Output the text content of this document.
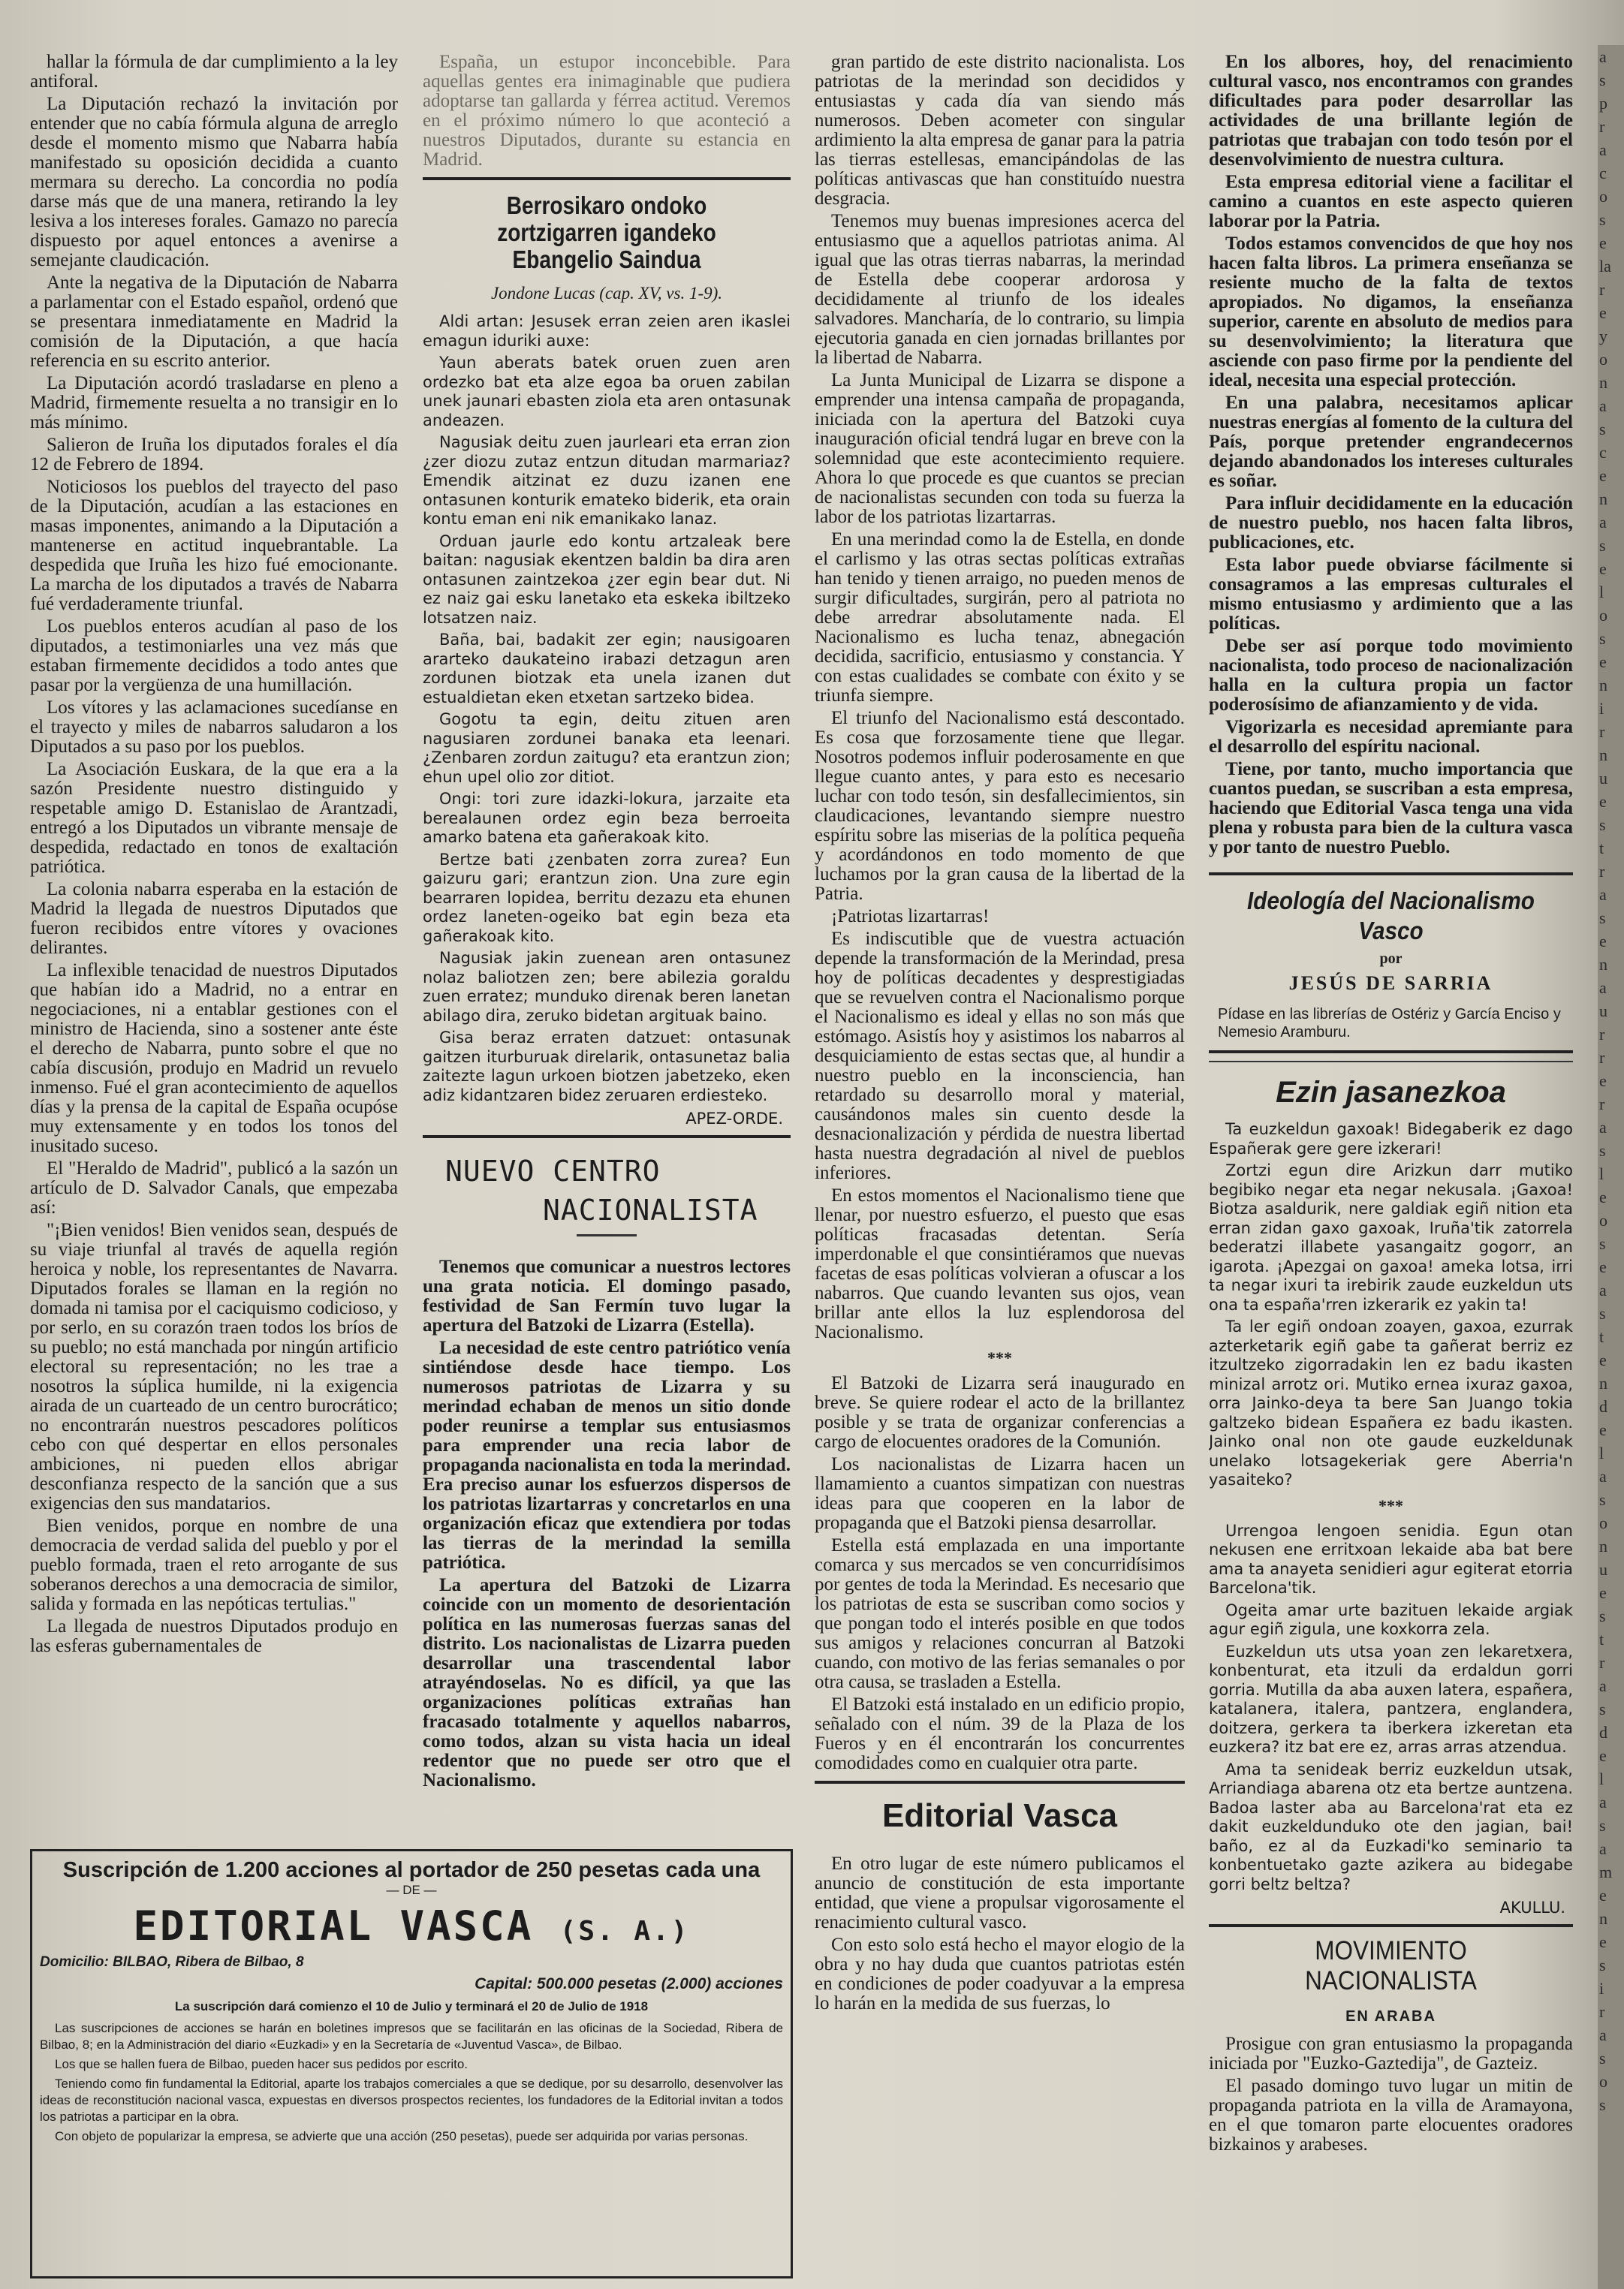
hallar la fórmula de dar cumplimiento a la ley antiforal.

La Diputación rechazó la invitación por entender que no cabía fórmula alguna de arreglo desde el momento mismo que Nabarra había manifestado su oposición decidida a cuanto mermara su derecho. La concordia no podía darse más que de una manera, retirando la ley lesiva a los intereses forales. Gamazo no parecía dispuesto por aquel entonces a avenirse a semejante claudicación.

Ante la negativa de la Diputación de Nabarra a parlamentar con el Estado español, ordenó que se presentara inmediatamente en Madrid la comisión de la Diputación, a que hacía referencia en su escrito anterior.

La Diputación acordó trasladarse en pleno a Madrid, firmemente resuelta a no transigir en lo más mínimo.

Salieron de Iruña los diputados forales el día 12 de Febrero de 1894.

Noticiosos los pueblos del trayecto del paso de la Diputación, acudían a las estaciones en masas imponentes, animando a la Diputación a mantenerse en actitud inquebrantable. La despedida que Iruña les hizo fué emocionante. La marcha de los diputados a través de Nabarra fué verdaderamente triunfal.

Los pueblos enteros acudían al paso de los diputados, a testimoniarles una vez más que estaban firmemente decididos a todo antes que pasar por la vergüenza de una humillación.

Los vítores y las aclamaciones sucedíanse en el trayecto y miles de nabarros saludaron a los Diputados a su paso por los pueblos.

La Asociación Euskara, de la que era a la sazón Presidente nuestro distinguido y respetable amigo D. Estanislao de Arantzadi, entregó a los Diputados un vibrante mensaje de despedida, redactado en tonos de exaltación patriótica.

La colonia nabarra esperaba en la estación de Madrid la llegada de nuestros Diputados que fueron recibidos entre vítores y ovaciones delirantes.

La inflexible tenacidad de nuestros Diputados que habían ido a Madrid, no a entrar en negociaciones, ni a entablar gestiones con el ministro de Hacienda, sino a sostener ante éste el derecho de Nabarra, punto sobre el que no cabía discusión, produjo en Madrid un revuelo inmenso. Fué el gran acontecimiento de aquellos días y la prensa de la capital de España ocupóse muy extensamente y en todos los tonos del inusitado suceso.

El "Heraldo de Madrid", publicó a la sazón un artículo de D. Salvador Canals, que empezaba así:

"¡Bien venidos! Bien venidos sean, después de su viaje triunfal al través de aquella región heroica y noble, los representantes de Navarra. Diputados forales se llaman en la región no domada ni tamisa por el caciquismo codicioso, y por serlo, en su corazón traen todos los bríos de su pueblo; no está manchada por ningún artificio electoral su representación; no les trae a nosotros la súplica humilde, ni la exigencia airada de un cuarteado de un centro burocrático; no encontrarán nuestros pescadores políticos cebo con qué despertar en ellos personales ambiciones, ni pueden ellos abrigar desconfianza respecto de la sanción que a sus exigencias den sus mandatarios.

Bien venidos, porque en nombre de una democracia de verdad salida del pueblo y por el pueblo formada, traen el reto arrogante de sus soberanos derechos a una democracia de similor, salida y formada en las nepóticas tertulias."

La llegada de nuestros Diputados produjo en las esferas gubernamentales de

España, un estupor inconcebible. Para aquellas gentes era inimaginable que pudiera adoptarse tan gallarda y férrea actitud. Veremos en el próximo número lo que aconteció a nuestros Diputados, durante su estancia en Madrid.

Berrosikaro ondoko zortzigarren igandeko Ebangelio Saindua
Jondone Lucas (cap. XV, vs. 1-9).

Aldi artan: Jesusek erran zeien aren ikaslei emagun iduriki auxe:

Yaun aberats batek oruen zuen aren ordezko bat eta alze egoa ba oruen zabilan unek jaunari ebasten ziola eta aren ontasunak andeazen.

Nagusiak deitu zuen jaurleari eta erran zion ¿zer diozu zutaz entzun ditudan marmariaz? Emendik aitzinat ez duzu izanen ene ontasunen konturik emateko biderik, eta orain kontu eman eni nik emanikako lanaz.

Orduan jaurle edo kontu artzaleak bere baitan: nagusiak ekentzen baldin ba dira aren ontasunen zaintzekoa ¿zer egin bear dut. Ni ez naiz gai esku lanetako eta eskeka ibiltzeko lotsatzen naiz.

Baña, bai, badakit zer egin; nausigoaren ararteko daukateino irabazi detzagun aren zordunen biotzak eta unela izanen dut estualdietan eken etxetan sartzeko bidea.

Gogotu ta egin, deitu zituen aren nagusiaren zordunei banaka eta leenari. ¿Zenbaren zordun zaitugu? eta erantzun zion; ehun upel olio zor ditiot.

Ongi: tori zure idazki-lokura, jarzaite eta berealaunen ordez egin beza berroeita amarko batena eta gañerakoak kito.

Bertze bati ¿zenbaten zorra zurea? Eun gaizuru gari; erantzun zion. Una zure egin bearraren lopidea, berritu dezazu eta ehunen ordez laneten-ogeiko bat egin beza eta gañerakoak kito.

Nagusiak jakin zuenean aren ontasunez nolaz baliotzen zen; bere abilezia goraldu zuen erratez; munduko direnak beren lanetan abilago dira, zeruko bidetan argituak baino.

Gisa beraz erraten datzuet: ontasunak gaitzen iturburuak direlarik, ontasunetaz balia zaitezte lagun urkoen biotzen jabetzeko, eken adiz kidantzaren bidez zeruaren erdiesteko.

APEZ-ORDE.
NUEVO CENTRO
NACIONALISTA

Tenemos que comunicar a nuestros lectores una grata noticia. El domingo pasado, festividad de San Fermín tuvo lugar la apertura del Batzoki de Lizarra (Estella).

La necesidad de este centro patriótico venía sintiéndose desde hace tiempo. Los numerosos patriotas de Lizarra y su merindad echaban de menos un sitio donde poder reunirse a templar sus entusiasmos para emprender una recia labor de propaganda nacionalista en toda la merindad. Era preciso aunar los esfuerzos dispersos de los patriotas lizartarras y concretarlos en una organización eficaz que extendiera por todas las tierras de la merindad la semilla patriótica.

La apertura del Batzoki de Lizarra coincide con un momento de desorientación política en las numerosas fuerzas sanas del distrito. Los nacionalistas de Lizarra pueden desarrollar una trascendental labor atrayéndoselas. No es difícil, ya que las organizaciones políticas extrañas han fracasado totalmente y aquellos nabarros, como todos, alzan su vista hacia un ideal redentor que no puede ser otro que el Nacionalismo.

Suscripción de 1.200 acciones al portador de 250 pesetas cada una
— DE —
EDITORIAL VASCA (S. A.)
Domicilio: BILBAO, Ribera de Bilbao, 8
Capital: 500.000 pesetas (2.000) acciones
La suscripción dará comienzo el 10 de Julio y terminará el 20 de Julio de 1918
Las suscripciones de acciones se harán en boletines impresos que se facilitarán en las oficinas de la Sociedad, Ribera de Bilbao, 8; en la Administración del diario «Euzkadi» y en la Secretaría de «Juventud Vasca», de Bilbao.
Los que se hallen fuera de Bilbao, pueden hacer sus pedidos por escrito.
Teniendo como fin fundamental la Editorial, aparte los trabajos comerciales a que se dedique, por su desarrollo, desenvolver las ideas de reconstitución nacional vasca, expuestas en diversos prospectos recientes, los fundadores de la Editorial invitan a todos los patriotas a participar en la obra.
Con objeto de popularizar la empresa, se advierte que una acción (250 pesetas), puede ser adquirida por varias personas.

gran partido de este distrito nacionalista. Los patriotas de la merindad son decididos y entusiastas y cada día van siendo más numerosos. Deben acometer con singular ardimiento la alta empresa de ganar para la patria las tierras estellesas, emancipándolas de las políticas antivascas que han constituído nuestra desgracia.

Tenemos muy buenas impresiones acerca del entusiasmo que a aquellos patriotas anima. Al igual que las otras tierras nabarras, la merindad de Estella debe cooperar ardorosa y decididamente al triunfo de los ideales salvadores. Mancharía, de lo contrario, su limpia ejecutoria ganada en cien jornadas brillantes por la libertad de Nabarra.

La Junta Municipal de Lizarra se dispone a emprender una intensa campaña de propaganda, iniciada con la apertura del Batzoki cuya inauguración oficial tendrá lugar en breve con la solemnidad que este acontecimiento requiere. Ahora lo que procede es que cuantos se precian de nacionalistas secunden con toda su fuerza la labor de los patriotas lizartarras.

En una merindad como la de Estella, en donde el carlismo y las otras sectas políticas extrañas han tenido y tienen arraigo, no pueden menos de surgir dificultades, surgirán, pero al patriota no debe arredrar absolutamente nada. El Nacionalismo es lucha tenaz, abnegación decidida, sacrificio, entusiasmo y constancia. Y con estas cualidades se combate con éxito y se triunfa siempre.

El triunfo del Nacionalismo está descontado. Es cosa que forzosamente tiene que llegar. Nosotros podemos influir poderosamente en que llegue cuanto antes, y para esto es necesario luchar con todo tesón, sin desfallecimientos, sin claudicaciones, levantando siempre nuestro espíritu sobre las miserias de la política pequeña y acordándonos en todo momento de que luchamos por la gran causa de la libertad de la Patria.

¡Patriotas lizartarras!

Es indiscutible que de vuestra actuación depende la transformación de la Merindad, presa hoy de políticas decadentes y desprestigiadas que se revuelven contra el Nacionalismo porque el Nacionalismo es ideal y ellas no son más que estómago. Asistís hoy y asistimos los nabarros al desquiciamiento de estas sectas que, al hundir a nuestro pueblo en la inconsciencia, han retardado su desarrollo moral y material, causándonos males sin cuento desde la desnacionalización y pérdida de nuestra libertad hasta nuestra degradación al nivel de pueblos inferiores.

En estos momentos el Nacionalismo tiene que llenar, por nuestro esfuerzo, el puesto que esas políticas fracasadas detentan. Sería imperdonable el que consintiéramos que nuevas facetas de esas políticas volvieran a ofuscar a los nabarros. Que cuando levanten sus ojos, vean brillar ante ellos la luz esplendorosa del Nacionalismo.

***

El Batzoki de Lizarra será inaugurado en breve. Se quiere rodear el acto de la brillantez posible y se trata de organizar conferencias a cargo de elocuentes oradores de la Comunión.

Los nacionalistas de Lizarra hacen un llamamiento a cuantos simpatizan con nuestras ideas para que cooperen en la labor de propaganda que el Batzoki piensa desarrollar.

Estella está emplazada en una importante comarca y sus mercados se ven concurridísimos por gentes de toda la Merindad. Es necesario que los patriotas de esta se suscriban como socios y que pongan todo el interés posible en que todos sus amigos y relaciones concurran al Batzoki cuando, con motivo de las ferias semanales o por otra causa, se trasladen a Estella.

El Batzoki está instalado en un edificio propio, señalado con el núm. 39 de la Plaza de los Fueros y en él encontrarán los concurrentes comodidades como en cualquier otra parte.

Editorial Vasca

En otro lugar de este número publicamos el anuncio de constitución de esta importante entidad, que viene a propulsar vigorosamente el renacimiento cultural vasco.

Con esto solo está hecho el mayor elogio de la obra y no hay duda que cuantos patriotas estén en condiciones de poder coadyuvar a la empresa lo harán en la medida de sus fuerzas, lo

En los albores, hoy, del renacimiento cultural vasco, nos encontramos con grandes dificultades para poder desarrollar las actividades de una brillante legión de patriotas que trabajan con todo tesón por el desenvolvimiento de nuestra cultura.

Esta empresa editorial viene a facilitar el camino a cuantos en este aspecto quieren laborar por la Patria.

Todos estamos convencidos de que hoy nos hacen falta libros. La primera enseñanza se resiente mucho de la falta de textos apropiados. No digamos, la enseñanza superior, carente en absoluto de medios para su desenvolvimiento; la literatura que asciende con paso firme por la pendiente del ideal, necesita una especial protección.

En una palabra, necesitamos aplicar nuestras energías al fomento de la cultura del País, porque pretender engrandecernos dejando abandonados los intereses culturales es soñar.

Para influir decididamente en la educación de nuestro pueblo, nos hacen falta libros, publicaciones, etc.

Esta labor puede obviarse fácilmente si consagramos a las empresas culturales el mismo entusiasmo y ardimiento que a las políticas.

Debe ser así porque todo movimiento nacionalista, todo proceso de nacionalización halla en la cultura propia un factor poderosísimo de afianzamiento y de vida.

Vigorizarla es necesidad apremiante para el desarrollo del espíritu nacional.

Tiene, por tanto, mucho importancia que cuantos puedan, se suscriban a esta empresa, haciendo que Editorial Vasca tenga una vida plena y robusta para bien de la cultura vasca y por tanto de nuestro Pueblo.

Ideología del Nacionalismo Vasco
por
JESÚS DE SARRIA
Pídase en las librerías de Ostériz y García Enciso y Nemesio Aramburu.
Ezin jasanezkoa

Ta euzkeldun gaxoak! Bidegaberik ez dago Españerak gere gere izkerari!

Zortzi egun dire Arizkun darr mutiko begibiko negar eta negar nekusala. ¡Gaxoa! Biotza asaldurik, nere galdiak egiñ nition eta erran zidan gaxo gaxoak, Iruña'tik zatorrela bederatzi illabete yasangaitz gogorr, an igarota. ¡Apezgai on gaxoa! ameka lotsa, irri ta negar ixuri ta irebirik zaude euzkeldun uts ona ta españa'rren izkerarik ez yakin ta!

Ta ler egiñ ondoan zoayen, gaxoa, ezurrak azterketarik egiñ gabe ta gañerat berriz ez itzultzeko zigorradakin len ez badu ikasten minizal arrotz ori. Mutiko ernea ixuraz gaxoa, orra Jainko-deya ta bere San Juango tokia galtzeko bidean Españera ez badu ikasten. Jainko onal non ote gaude euzkeldunak unelako lotsagekeriak gere Aberria'n yasaiteko?

***

Urrengoa lengoen senidia. Egun otan nekusen ene erritxoan lekaide aba bat bere ama ta anayeta senidieri agur egiterat etorria Barcelona'tik.

Ogeita amar urte bazituen lekaide argiak agur egiñ zigula, une koxkorra zela.

Euzkeldun uts utsa yoan zen lekaretxera, konbenturat, eta itzuli da erdaldun gorri gorria. Mutilla da aba auxen latera, españera, katalanera, italera, pantzera, englandera, doitzera, gerkera ta iberkera izkeretan eta euzkera? itz bat ere ez, arras arras atzendua.

Ama ta senideak berriz euzkeldun utsak, Arriandiaga abarena otz eta bertze auntzena. Badoa laster aba au Barcelona'rat eta ez dakit euzkeldunduko ote den jagian, bai! baño, ez al da Euzkadi'ko seminario ta konbentuetako gazte azikera au bidegabe gorri beltz beltza?

AKULLU.
MOVIMIENTO NACIONALISTA
EN ARABA

Prosigue con gran entusiasmo la propaganda iniciada por "Euzko-Gaztedija", de Gazteiz.

El pasado domingo tuvo lugar un mitin de propaganda patriota en la villa de Aramayona, en el que tomaron parte elocuentes oradores bizkainos y arabeses.

a
s
p
r
a
c
o
s
e
la
r
e
y
o
n
a
s
c
e
n
a
s
e
l
o
s
e
n
i
r
n
u
e
s
t
r
a
s
e
n
a
u
r
r
e
r
a
s
l
e
o
s
e
a
s
t
e
n
d
e
l
a
s
o
n
u
e
s
t
r
a
s
d
e
l
a
s
a
m
e
n
e
s
i
r
a
s
o
s
